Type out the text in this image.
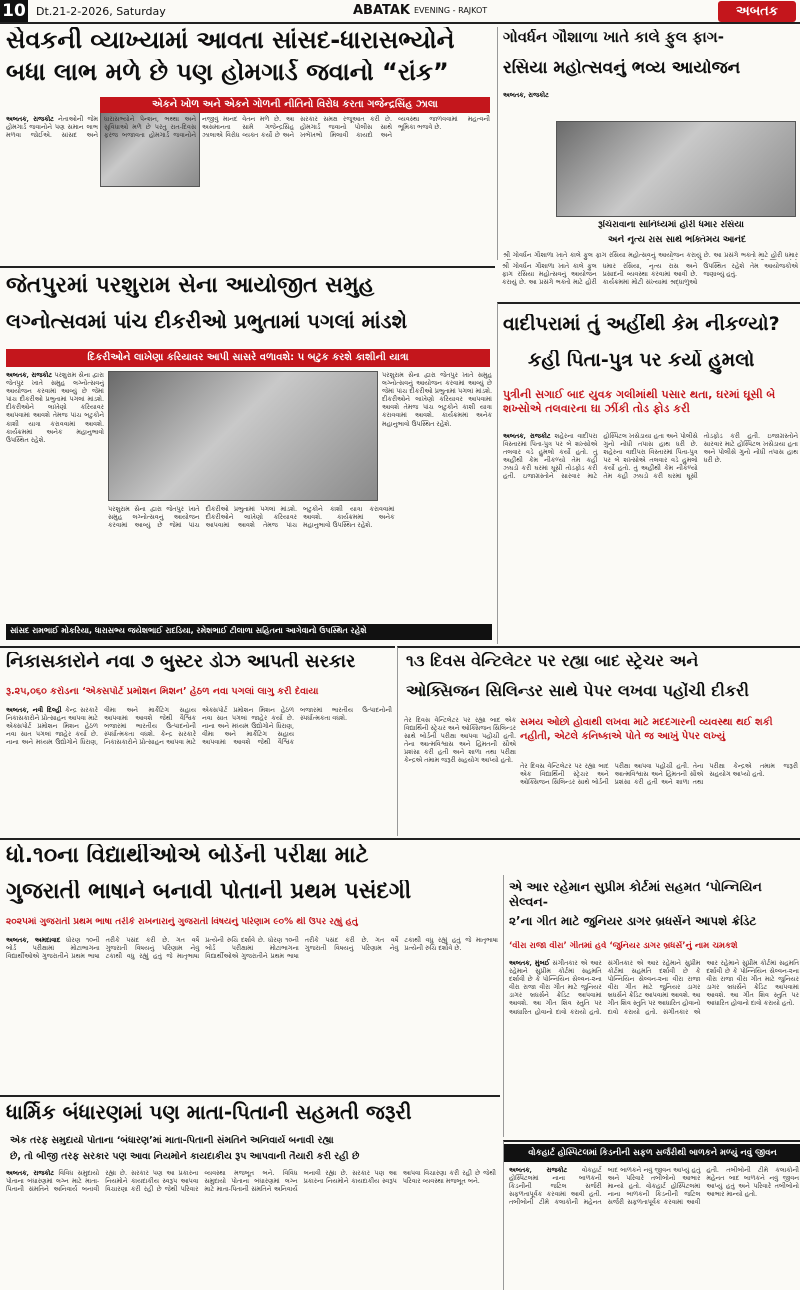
10 Dt.21-2-2026, Saturday	ABATAK EVENING - RAJKOT	અબતક
સેવકની વ્યાખ્યામાં આવતા સાંસદ-ધારાસભ્યોને
બધા લાભ મળે છે પણ હોમગાર્ડ જવાનો “રાંક”
એકને ખોળ અને એકને ગોળની નીતિનો વિરોધ કરતા ગજેન્દ્રસિંહ ઝાલા
અબતક, રાજકોટ નેતાઓની જેમ હોમગાર્ડ જવાનોને પણ સમાન લાભ મળવા જોઈએ. સાંસદ અને ધારાસભ્યોને પેન્શન, ભથ્થા અને સુવિધાઓ મળે છે પરંતુ રાત-દિવસ ફરજ બજાવતા હોમગાર્ડ જવાનોને નજીવું માનદ વેતન મળે છે. આ અસમાનતા સામે ગજેન્દ્રસિંહ ઝાલાએ વિરોધ વ્યક્ત કર્યો છે અને સરકાર સમક્ષ રજૂઆત કરી છે. હોમગાર્ડ જવાનો પોલીસ સાથે ખભેખભો મિલાવી કાયદો અને વ્યવસ્થા જાળવવામાં મહત્વની ભૂમિકા ભજવે છે.
ગોવર્ધન ગૌશાળા ખાતે કાલે ફુલ ફાગ-
રસિયા મહોત્સવનું ભવ્ય આયોજન
અબતક, રાજકોટ
રૂચિરાવાના સાનિધ્યમાં હોરી ધમાર રસિયા
અને નૃત્ય રાસ સાથે ભક્તિમય આનંદ
શ્રી ગોવર્ધન ગૌશાળા ખાતે કાલે ફુલ ફાગ રસિયા મહોત્સવનું આયોજન કરાયું છે. આ પ્રસંગે ભક્તો માટે હોરી ધમાર
શ્રી ગોવર્ધન ગૌશાળા ખાતે કાલે ફુલ ફાગ રસિયા મહોત્સવનું આયોજન કરાયું છે. આ પ્રસંગે ભક્તો માટે હોરી ધમાર રસિયા, નૃત્ય રાસ અને પ્રસાદની વ્યવસ્થા કરવામાં આવી છે. કાર્યક્રમમાં મોટી સંખ્યામાં શ્રદ્ધાળુઓ ઉપસ્થિત રહેશે તેમ આયોજકોએ જણાવ્યું હતું.
જેતપુરમાં પરશુરામ સેના આયોજીત સમુહ
લગ્નોત્સવમાં પાંચ દીકરીઓ પ્રભુતામાં પગલાં માંડશે
દિકરીઓને લાખેણા કરિયાવર આપી સાસરે વળાવશે: ૫ બટુક કરશે કાશીની યાત્રા
અબતક, રાજકોટ પરશુરામ સેના દ્વારા જેતપુર ખાતે સમુહ લગ્નોત્સવનું આયોજન કરવામાં આવ્યું છે જેમાં પાંચ દીકરીઓ પ્રભુતામાં પગલાં માંડશે. દીકરીઓને લાખેણો કરિયાવર આપવામાં આવશે તેમજ પાંચ બટુકોને કાશી યાત્રા કરાવવામાં આવશે. કાર્યક્રમમાં અનેક મહાનુભાવો ઉપસ્થિત રહેશે.
પરશુરામ સેના દ્વારા જેતપુર ખાતે સમુહ લગ્નોત્સવનું આયોજન કરવામાં આવ્યું છે જેમાં પાંચ દીકરીઓ પ્રભુતામાં પગલાં માંડશે. દીકરીઓને લાખેણો કરિયાવર આપવામાં આવશે તેમજ પાંચ બટુકોને કાશી યાત્રા કરાવવામાં આવશે. કાર્યક્રમમાં અનેક મહાનુભાવો ઉપસ્થિત રહેશે.
પરશુરામ સેના દ્વારા જેતપુર ખાતે સમુહ લગ્નોત્સવનું આયોજન કરવામાં આવ્યું છે જેમાં પાંચ દીકરીઓ પ્રભુતામાં પગલાં માંડશે. દીકરીઓને લાખેણો કરિયાવર આપવામાં આવશે તેમજ પાંચ બટુકોને કાશી યાત્રા કરાવવામાં આવશે. કાર્યક્રમમાં અનેક મહાનુભાવો ઉપસ્થિત રહેશે.
સાંસદ રામભાઈ મોકરિયા, ધારાસભ્ય જયેશભાઈ રાદડિયા, રમેશભાઈ ટીલાળા સહિતના આગેવાનો ઉપસ્થિત રહેશે
વાદીપરામાં તું અહીંથી કેમ નીકળ્યો?
કહી પિતા-પુત્ર પર કર્યો હુમલો
પુત્રીની સગાઈ બાદ યુવક ગલીમાંથી પસાર થતા, ઘરમાં ઘૂસી બે શખ્સોએ તલવારના ઘા ઝીંકી તોડ ફોડ કરી
અબતક, રાજકોટ શહેરના વાદીપરા વિસ્તારમાં પિતા-પુત્ર પર બે શખ્સોએ તલવાર વડે હુમલો કર્યો હતો. તું અહીંથી કેમ નીકળ્યો તેમ કહી ઝઘડો કરી ઘરમાં ઘૂસી તોડફોડ કરી હતી. ઇજાગ્રસ્તોને સારવાર માટે હોસ્પિટલ ખસેડાયા હતા અને પોલીસે ગુનો નોંધી તપાસ હાથ ધરી છે. શહેરના વાદીપરા વિસ્તારમાં પિતા-પુત્ર પર બે શખ્સોએ તલવાર વડે હુમલો કર્યો હતો. તું અહીંથી કેમ નીકળ્યો તેમ કહી ઝઘડો કરી ઘરમાં ઘૂસી તોડફોડ કરી હતી. ઇજાગ્રસ્તોને સારવાર માટે હોસ્પિટલ ખસેડાયા હતા અને પોલીસે ગુનો નોંધી તપાસ હાથ ધરી છે.
નિકાસકારોને નવા ૭ બુસ્ટર ડોઝ આપતી સરકાર
રૂ.૨૫,૦૬૦ કરોડના ‘એક્સપોર્ટ પ્રમોશન મિશન’ હેઠળ નવા પગલાં લાગુ કરી દેવાયા
અબતક, નવી દિલ્હી કેન્દ્ર સરકારે નિકાસકારોને પ્રોત્સાહન આપવા માટે એક્સપોર્ટ પ્રમોશન મિશન હેઠળ નવા સાત પગલાં જાહેર કર્યા છે. નાના અને મધ્યમ ઉદ્યોગોને ધિરાણ, વીમા અને માર્કેટિંગ સહાય આપવામાં આવશે જેથી વૈશ્વિક બજારમાં ભારતીય ઉત્પાદનોની સ્પર્ધાત્મકતા વધશે. કેન્દ્ર સરકારે નિકાસકારોને પ્રોત્સાહન આપવા માટે એક્સપોર્ટ પ્રમોશન મિશન હેઠળ નવા સાત પગલાં જાહેર કર્યા છે. નાના અને મધ્યમ ઉદ્યોગોને ધિરાણ, વીમા અને માર્કેટિંગ સહાય આપવામાં આવશે જેથી વૈશ્વિક બજારમાં ભારતીય ઉત્પાદનોની સ્પર્ધાત્મકતા વધશે.
૧૩ દિવસ વેન્ટિલેટર પર રહ્યા બાદ સ્ટ્રેચર અને
ઓક્સિજન સિલિન્ડર સાથે પેપર લખવા પહોંચી દીકરી
તેર દિવસ વેન્ટિલેટર પર રહ્યા બાદ એક વિદ્યાર્થિની સ્ટ્રેચર અને ઓક્સિજન સિલિન્ડર સાથે બોર્ડની પરીક્ષા આપવા પહોંચી હતી. તેના આત્મવિશ્વાસ અને હિંમતની સૌએ પ્રશંસા કરી હતી અને શાળા તથા પરીક્ષા કેન્દ્રએ તમામ જરૂરી સહયોગ આપ્યો હતો.
સમય ઓછો હોવાથી લખવા માટે મદદગારની વ્યવસ્થા થઈ શકી નહીતી, એટલે કનિષ્કાએ પોતે જ આખું પેપર લખ્યું
તેર દિવસ વેન્ટિલેટર પર રહ્યા બાદ એક વિદ્યાર્થિની સ્ટ્રેચર અને ઓક્સિજન સિલિન્ડર સાથે બોર્ડની પરીક્ષા આપવા પહોંચી હતી. તેના આત્મવિશ્વાસ અને હિંમતની સૌએ પ્રશંસા કરી હતી અને શાળા તથા પરીક્ષા કેન્દ્રએ તમામ જરૂરી સહયોગ આપ્યો હતો.
ધો.૧૦ના વિદ્યાર્થીઓએ બોર્ડની પરીક્ષા માટે
ગુજરાતી ભાષાને બનાવી પોતાની પ્રથમ પસંદગી
૨૦૨૫માં ગુજરાતી પ્રથમ ભાષા તરીકે રાખનારાનું ગુજરાતી વિષયનું પરિણામ ૯૦% થી ઉપર રહ્યું હતું
અબતક, અમદાવાદ ધોરણ ૧૦ની બોર્ડ પરીક્ષામાં મોટાભાગના વિદ્યાર્થીઓએ ગુજરાતીને પ્રથમ ભાષા તરીકે પસંદ કરી છે. ગત વર્ષે ગુજરાતી વિષયનું પરિણામ નેવું ટકાથી વધુ રહ્યું હતું જે માતૃભાષા પ્રત્યેની રુચિ દર્શાવે છે. ધોરણ ૧૦ની બોર્ડ પરીક્ષામાં મોટાભાગના વિદ્યાર્થીઓએ ગુજરાતીને પ્રથમ ભાષા તરીકે પસંદ કરી છે. ગત વર્ષે ગુજરાતી વિષયનું પરિણામ નેવું ટકાથી વધુ રહ્યું હતું જે માતૃભાષા પ્રત્યેની રુચિ દર્શાવે છે.
એ આર રહેમાન સુપ્રીમ કોર્ટમાં સહમત ‘પોન્નિયિન સેલ્વન-
૨’ના ગીત માટે જુનિયર ડાગર બ્રધર્સને આપશે ક્રેડિટ
‘વીરા રાજા વીરા’ ગીતમાં હવે ‘જુનિયર ડાગર બ્રધર્સ’નું નામ ચમકશે
અબતક, મુંબઈ સંગીતકાર એ આર રહેમાને સુપ્રીમ કોર્ટમાં સહમતિ દર્શાવી છે કે પોન્નિયિન સેલ્વન-૨ના વીરા રાજા વીરા ગીત માટે જુનિયર ડાગર બ્રધર્સને ક્રેડિટ આપવામાં આવશે. આ ગીત શિવ સ્તુતિ પર આધારિત હોવાનો દાવો કરાયો હતો. સંગીતકાર એ આર રહેમાને સુપ્રીમ કોર્ટમાં સહમતિ દર્શાવી છે કે પોન્નિયિન સેલ્વન-૨ના વીરા રાજા વીરા ગીત માટે જુનિયર ડાગર બ્રધર્સને ક્રેડિટ આપવામાં આવશે. આ ગીત શિવ સ્તુતિ પર આધારિત હોવાનો દાવો કરાયો હતો. સંગીતકાર એ આર રહેમાને સુપ્રીમ કોર્ટમાં સહમતિ દર્શાવી છે કે પોન્નિયિન સેલ્વન-૨ના વીરા રાજા વીરા ગીત માટે જુનિયર ડાગર બ્રધર્સને ક્રેડિટ આપવામાં આવશે. આ ગીત શિવ સ્તુતિ પર આધારિત હોવાનો દાવો કરાયો હતો.
ધાર્મિક બંધારણમાં પણ માતા-પિતાની સહમતી જરૂરી
એક તરફ સમુદાયો પોતાના ‘બંધારણ’માં માતા-પિતાની સંમતિને અનિવાર્ય બનાવી રહ્યા
છે, તો બીજી તરફ સરકાર પણ આવા નિયમોને કાયદાકીય રૂપ આપવાની તૈયારી કરી રહી છે
અબતક, રાજકોટ વિવિધ સમુદાયો પોતાના બંધારણમાં લગ્ન માટે માતા-પિતાની સંમતિને અનિવાર્ય બનાવી રહ્યા છે. સરકાર પણ આ પ્રકારના નિયમોને કાયદાકીય સ્વરૂપ આપવા વિચારણા કરી રહી છે જેથી પરિવાર વ્યવસ્થા મજબૂત બને. વિવિધ સમુદાયો પોતાના બંધારણમાં લગ્ન માટે માતા-પિતાની સંમતિને અનિવાર્ય બનાવી રહ્યા છે. સરકાર પણ આ પ્રકારના નિયમોને કાયદાકીય સ્વરૂપ આપવા વિચારણા કરી રહી છે જેથી પરિવાર વ્યવસ્થા મજબૂત બને.
વોકહાર્ટ હોસ્પિટલમાં કિડનીની સફળ સર્જરીથી બાળકને મળ્યું નવું જીવન
અબતક, રાજકોટ વોકહાર્ટ હોસ્પિટલમાં નાના બાળકની કિડનીની જટિલ સર્જરી સફળતાપૂર્વક કરવામાં આવી હતી. તબીબોની ટીમે કલાકોની મહેનત બાદ બાળકને નવું જીવન આપ્યું હતું અને પરિવારે તબીબોનો આભાર માન્યો હતો. વોકહાર્ટ હોસ્પિટલમાં નાના બાળકની કિડનીની જટિલ સર્જરી સફળતાપૂર્વક કરવામાં આવી હતી. તબીબોની ટીમે કલાકોની મહેનત બાદ બાળકને નવું જીવન આપ્યું હતું અને પરિવારે તબીબોનો આભાર માન્યો હતો.
